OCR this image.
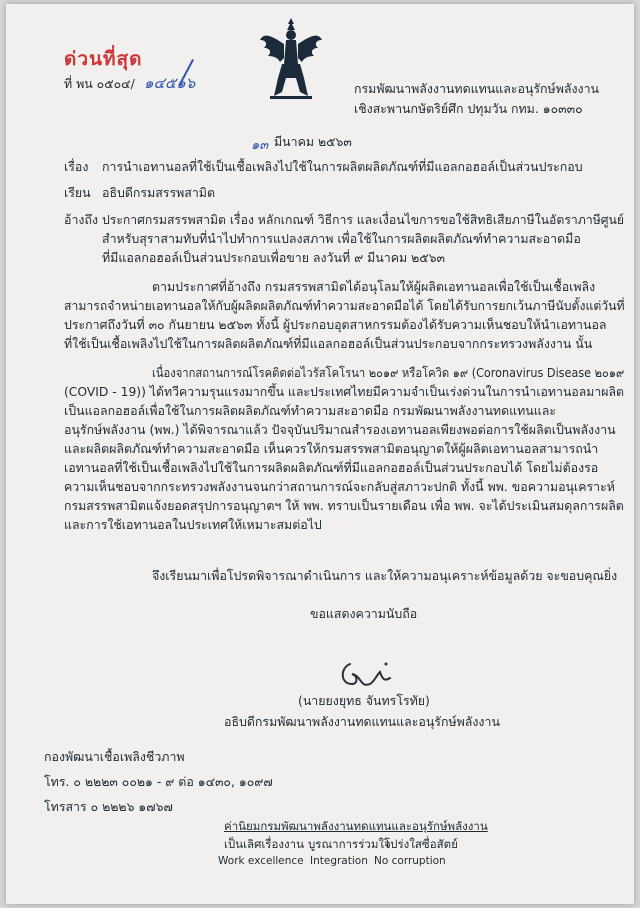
ด่วนที่สุด
ที่ พน ๐๕๐๔/ ๑๔๕๑๖	กรมพัฒนาพลังงานทดแทนและอนุรักษ์พลังงาน
เชิงสะพานกษัตริย์ศึก ปทุมวัน กทม. ๑๐๓๓๐
๑๓ มีนาคม ๒๕๖๓
เรื่อง การนำเอทานอลที่ใช้เป็นเชื้อเพลิงไปใช้ในการผลิตผลิตภัณฑ์ที่มีแอลกอฮอล์เป็นส่วนประกอบ
เรียน อธิบดีกรมสรรพสามิต
อ้างถึง ประกาศกรมสรรพสามิต เรื่อง หลักเกณฑ์ วิธีการ และเงื่อนไขการขอใช้สิทธิเสียภาษีในอัตราภาษีศูนย์
สำหรับสุราสามทับที่นำไปทำการแปลงสภาพ เพื่อใช้ในการผลิตผลิตภัณฑ์ทำความสะอาดมือ
ที่มีแอลกอฮอล์เป็นส่วนประกอบเพื่อขาย ลงวันที่ ๙ มีนาคม ๒๕๖๓
ตามประกาศที่อ้างถึง กรมสรรพสามิตได้อนุโลมให้ผู้ผลิตเอทานอลเพื่อใช้เป็นเชื้อเพลิง
สามารถจำหน่ายเอทานอลให้กับผู้ผลิตผลิตภัณฑ์ทำความสะอาดมือได้ โดยได้รับการยกเว้นภาษีนับตั้งแต่วันที่
ประกาศถึงวันที่ ๓๐ กันยายน ๒๕๖๓ ทั้งนี้ ผู้ประกอบอุตสาหกรรมต้องได้รับความเห็นชอบให้นำเอทานอล
ที่ใช้เป็นเชื้อเพลิงไปใช้ในการผลิตผลิตภัณฑ์ที่มีแอลกอฮอล์เป็นส่วนประกอบจากกระทรวงพลังงาน นั้น
เนื่องจากสถานการณ์โรคติดต่อไวรัสโคโรนา ๒๐๑๙ หรือโควิด ๑๙ (Coronavirus Disease ๒๐๑๙
(COVID - 19)) ได้ทวีความรุนแรงมากขึ้น และประเทศไทยมีความจำเป็นเร่งด่วนในการนำเอทานอลมาผลิต
เป็นแอลกอฮอล์เพื่อใช้ในการผลิตผลิตภัณฑ์ทำความสะอาดมือ กรมพัฒนาพลังงานทดแทนและ
อนุรักษ์พลังงาน (พพ.) ได้พิจารณาแล้ว ปัจจุบันปริมาณสำรองเอทานอลเพียงพอต่อการใช้ผลิตเป็นพลังงาน
และผลิตผลิตภัณฑ์ทำความสะอาดมือ เห็นควรให้กรมสรรพสามิตอนุญาตให้ผู้ผลิตเอทานอลสามารถนำ
เอทานอลที่ใช้เป็นเชื้อเพลิงไปใช้ในการผลิตผลิตภัณฑ์ที่มีแอลกอฮอล์เป็นส่วนประกอบได้ โดยไม่ต้องรอ
ความเห็นชอบจากกระทรวงพลังงานจนกว่าสถานการณ์จะกลับสู่สภาวะปกติ ทั้งนี้ พพ. ขอความอนุเคราะห์
กรมสรรพสามิตแจ้งยอดสรุปการอนุญาตฯ ให้ พพ. ทราบเป็นรายเดือน เพื่อ พพ. จะได้ประเมินสมดุลการผลิต
และการใช้เอทานอลในประเทศให้เหมาะสมต่อไป
จึงเรียนมาเพื่อโปรดพิจารณาดำเนินการ และให้ความอนุเคราะห์ข้อมูลด้วย จะขอบคุณยิ่ง
ขอแสดงความนับถือ
(นายยงยุทธ จันทรโรทัย)
อธิบดีกรมพัฒนาพลังงานทดแทนและอนุรักษ์พลังงาน
กองพัฒนาเชื้อเพลิงชีวภาพ
โทร. ๐ ๒๒๒๓ ๐๐๒๑ - ๙ ต่อ ๑๔๓๐, ๑๐๙๗
โทรสาร ๐ ๒๒๒๖ ๑๗๖๗
ค่านิยมกรมพัฒนาพลังงานทดแทนและอนุรักษ์พลังงาน
เป็นเลิศเรื่องงาน บูรณาการร่วมใจ
โปร่งใสซื่อสัตย์
Work excellence Integration No corruption
